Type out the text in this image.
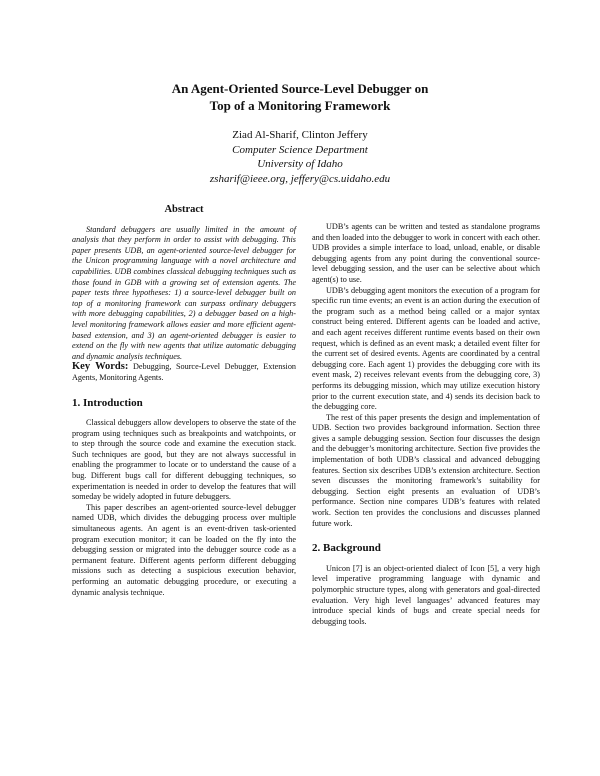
An Agent-Oriented Source-Level Debugger on
Top of a Monitoring Framework
Ziad Al-Sharif, Clinton Jeffery
Computer Science Department
University of Idaho
zsharif@ieee.org, jeffery@cs.uidaho.edu
Abstract

Standard debuggers are usually limited in the amount of analysis that they perform in order to assist with debugging. This paper presents UDB, an agent-oriented source-level debugger for the Unicon programming language with a novel architecture and capabilities. UDB combines classical debugging techniques such as those found in GDB with a growing set of extension agents. The paper tests three hypotheses: 1) a source-level debugger built on top of a monitoring framework can surpass ordinary debuggers with more debugging capabilities, 2) a debugger based on a high-level monitoring framework allows easier and more efficient agent-based extension, and 3) an agent-oriented debugger is easier to extend on the fly with new agents that utilize automatic debugging and dynamic analysis techniques.

Key Words: Debugging, Source-Level Debugger, Extension Agents, Monitoring Agents.

1. Introduction

Classical debuggers allow developers to observe the state of the program using techniques such as breakpoints and watchpoints, or to step through the source code and examine the execution stack. Such techniques are good, but they are not always successful in enabling the programmer to locate or to understand the cause of a bug. Different bugs call for different debugging techniques, so experimentation is needed in order to develop the features that will someday be widely adopted in future debuggers.

This paper describes an agent-oriented source-level debugger named UDB, which divides the debugging process over multiple simultaneous agents. An agent is an event-driven task-oriented program execution monitor; it can be loaded on the fly into the debugging session or migrated into the debugger source code as a permanent feature. Different agents perform different debugging missions such as detecting a suspicious execution behavior, performing an automatic debugging procedure, or executing a dynamic analysis technique.

UDB’s agents can be written and tested as standalone programs and then loaded into the debugger to work in concert with each other. UDB provides a simple interface to load, unload, enable, or disable debugging agents from any point during the conventional source-level debugging session, and the user can be selective about which agent(s) to use.

UDB’s debugging agent monitors the execution of a program for specific run time events; an event is an action during the execution of the program such as a method being called or a major syntax construct being entered. Different agents can be loaded and active, and each agent receives different runtime events based on their own request, which is defined as an event mask; a detailed event filter for the current set of desired events. Agents are coordinated by a central debugging core. Each agent 1) provides the debugging core with its event mask, 2) receives relevant events from the debugging core, 3) performs its debugging mission, which may utilize execution history prior to the current execution state, and 4) sends its decision back to the debugging core.

The rest of this paper presents the design and implementation of UDB. Section two provides background information. Section three gives a sample debugging session. Section four discusses the design and the debugger’s monitoring architecture. Section five provides the implementation of both UDB’s classical and advanced debugging features. Section six describes UDB’s extension architecture. Section seven discusses the monitoring framework’s suitability for debugging. Section eight presents an evaluation of UDB’s performance. Section nine compares UDB’s features with related work. Section ten provides the conclusions and discusses planned future work.

2. Background

Unicon [7] is an object-oriented dialect of Icon [5], a very high level imperative programming language with dynamic and polymorphic structure types, along with generators and goal-directed evaluation. Very high level languages’ advanced features may introduce special kinds of bugs and create special needs for debugging tools.
